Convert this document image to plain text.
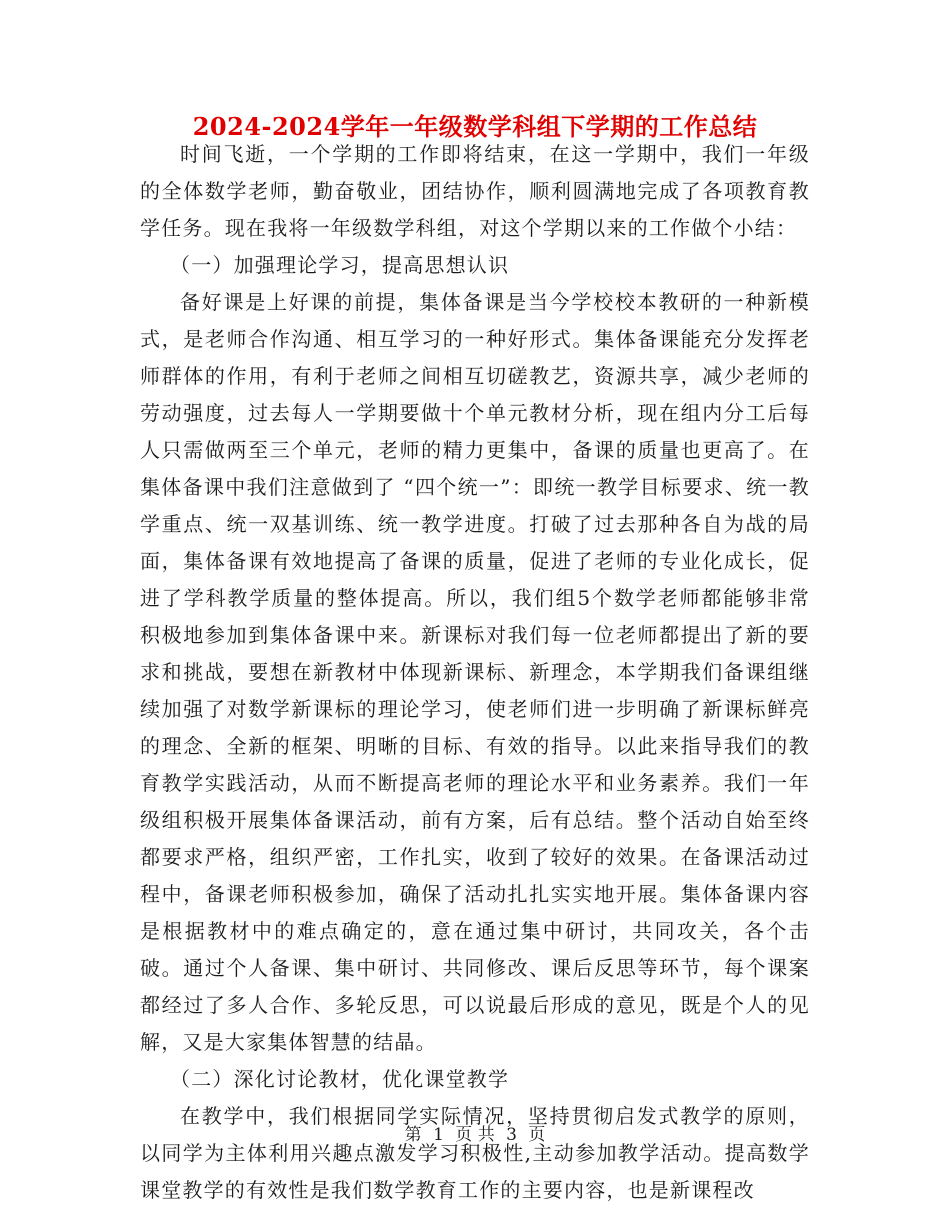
2024-2024学年一年级数学科组下学期的工作总结

时间飞逝，一个学期的工作即将结束，在这一学期中，我们一年级的全体数学老师，勤奋敬业，团结协作，顺利圆满地完成了各项教育教学任务。现在我将一年级数学科组，对这个学期以来的工作做个小结：

（一）加强理论学习，提高思想认识

备好课是上好课的前提，集体备课是当今学校校本教研的一种新模式，是老师合作沟通、相互学习的一种好形式。集体备课能充分发挥老师群体的作用，有利于老师之间相互切磋教艺，资源共享，减少老师的劳动强度，过去每人一学期要做十个单元教材分析，现在组内分工后每人只需做两至三个单元，老师的精力更集中，备课的质量也更高了。在集体备课中我们注意做到了 “四个统一”：即统一教学目标要求、统一教学重点、统一双基训练、统一教学进度。打破了过去那种各自为战的局面，集体备课有效地提高了备课的质量，促进了老师的专业化成长，促进了学科教学质量的整体提高。所以，我们组5个数学老师都能够非常积极地参加到集体备课中来。新课标对我们每一位老师都提出了新的要求和挑战，要想在新教材中体现新课标、新理念，本学期我们备课组继续加强了对数学新课标的理论学习，使老师们进一步明确了新课标鲜亮的理念、全新的框架、明晰的目标、有效的指导。以此来指导我们的教育教学实践活动，从而不断提高老师的理论水平和业务素养。我们一年级组积极开展集体备课活动，前有方案，后有总结。整个活动自始至终都要求严格，组织严密，工作扎实，收到了较好的效果。在备课活动过程中，备课老师积极参加，确保了活动扎扎实实地开展。集体备课内容是根据教材中的难点确定的，意在通过集中研讨，共同攻关，各个击破。通过个人备课、集中研讨、共同修改、课后反思等环节，每个课案都经过了多人合作、多轮反思，可以说最后形成的意见，既是个人的见解，又是大家集体智慧的结晶。

（二）深化讨论教材，优化课堂教学

在教学中，我们根据同学实际情况，坚持贯彻启发式教学的原则，以同学为主体利用兴趣点激发学习积极性,主动参加教学活动。提高数学课堂教学的有效性是我们数学教育工作的主要内容，也是新课程改

第 1 页 共 3 页
